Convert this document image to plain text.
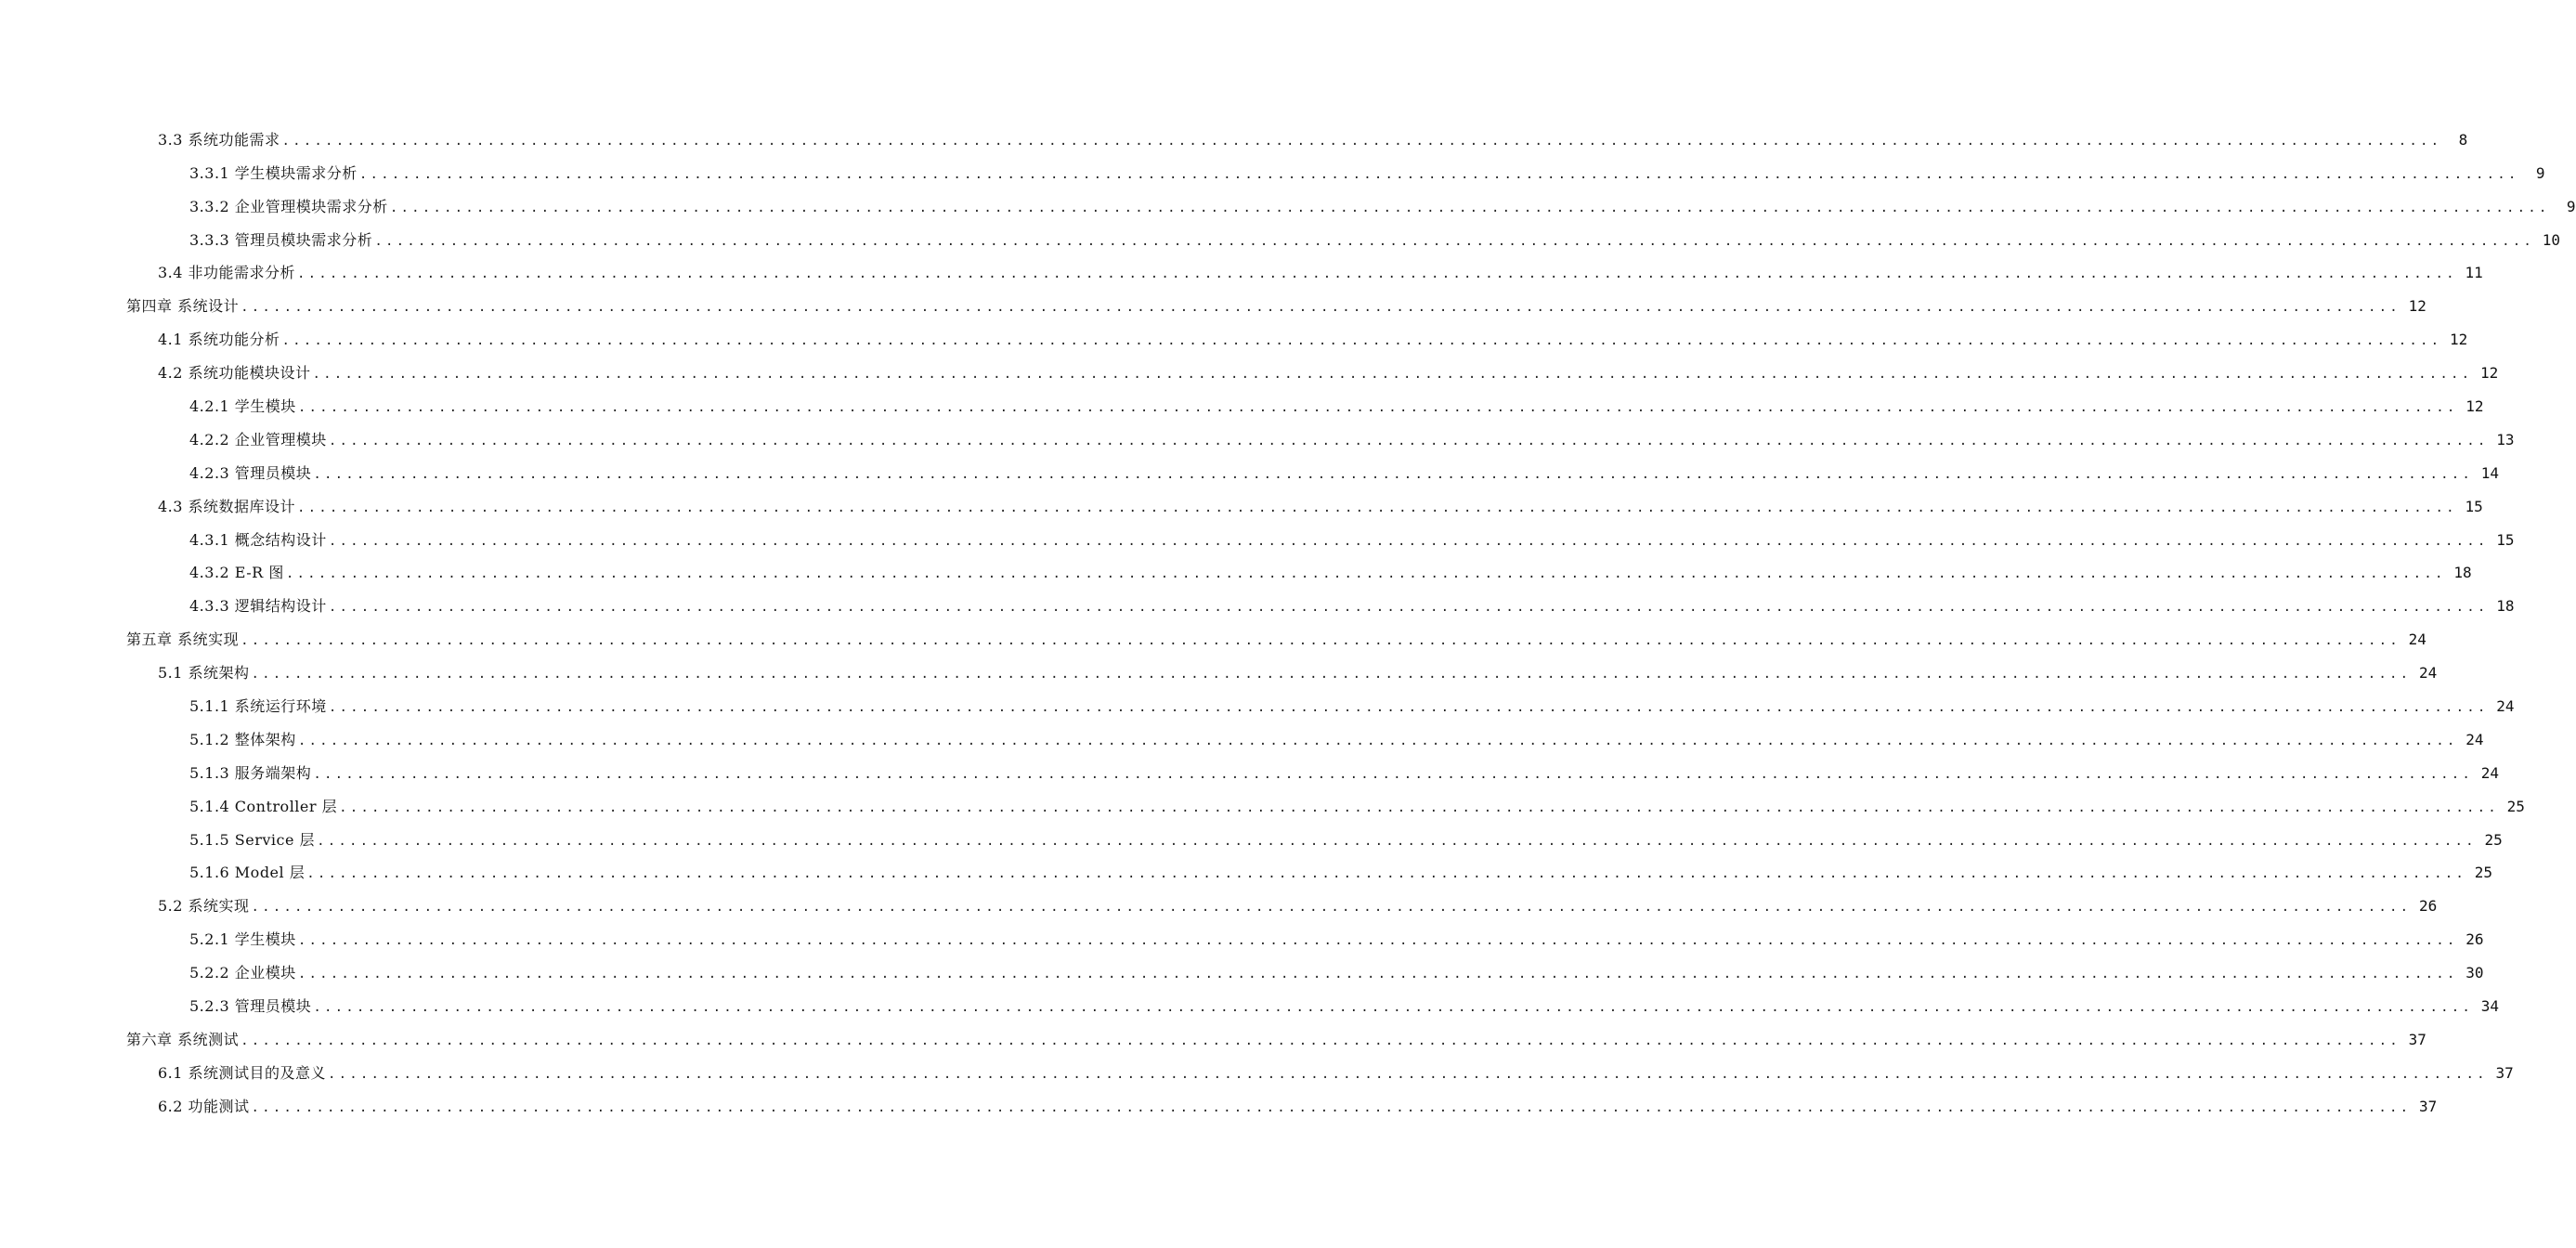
3.3 系统功能需求 ........................................................................................................................................................................................................	8
3.3.1 学生模块需求分析 ........................................................................................................................................................................................................	9
3.3.2 企业管理模块需求分析 ........................................................................................................................................................................................................	9
3.3.3 管理员模块需求分析 ........................................................................................................................................................................................................ 10
3.4 非功能需求分析 ........................................................................................................................................................................................................ 11
第四章 系统设计 ........................................................................................................................................................................................................ 12
4.1 系统功能分析 ........................................................................................................................................................................................................ 12
4.2 系统功能模块设计 ........................................................................................................................................................................................................ 12
4.2.1 学生模块 ........................................................................................................................................................................................................ 12
4.2.2 企业管理模块 ........................................................................................................................................................................................................ 13
4.2.3 管理员模块 ........................................................................................................................................................................................................ 14
4.3 系统数据库设计 ........................................................................................................................................................................................................ 15
4.3.1 概念结构设计 ........................................................................................................................................................................................................ 15
4.3.2 E-R 图 ........................................................................................................................................................................................................ 18
4.3.3 逻辑结构设计 ........................................................................................................................................................................................................ 18
第五章 系统实现 ........................................................................................................................................................................................................ 24
5.1 系统架构 ........................................................................................................................................................................................................ 24
5.1.1 系统运行环境 ........................................................................................................................................................................................................ 24
5.1.2 整体架构 ........................................................................................................................................................................................................ 24
5.1.3 服务端架构 ........................................................................................................................................................................................................ 24
5.1.4 Controller 层 ........................................................................................................................................................................................................ 25
5.1.5 Service 层 ........................................................................................................................................................................................................ 25
5.1.6 Model 层 ........................................................................................................................................................................................................ 25
5.2 系统实现 ........................................................................................................................................................................................................ 26
5.2.1 学生模块 ........................................................................................................................................................................................................ 26
5.2.2 企业模块 ........................................................................................................................................................................................................ 30
5.2.3 管理员模块 ........................................................................................................................................................................................................ 34
第六章 系统测试 ........................................................................................................................................................................................................ 37
6.1 系统测试目的及意义 ........................................................................................................................................................................................................ 37
6.2 功能测试 ........................................................................................................................................................................................................ 37
